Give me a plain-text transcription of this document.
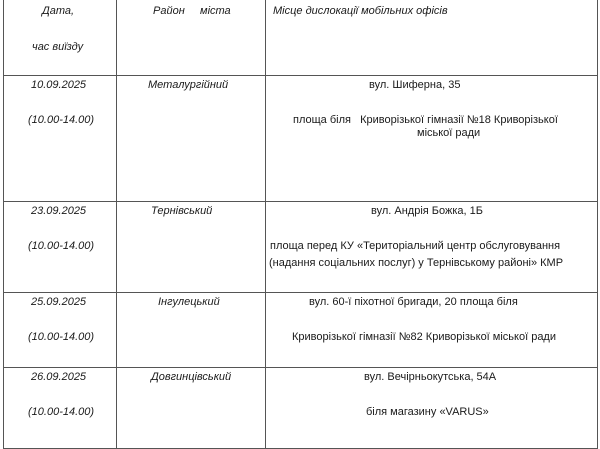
Дата,
час виїзду	Район     міста	Місце дислокації мобільних офісів

10.09.2025
(10.00-14.00)	Металургійний	вул. Шиферна, 35
площа біля   Криворізької гімназії №18 Криворізької
міської ради

23.09.2025
(10.00-14.00)	Тернівський	вул. Андрія Божка, 1Б
площа перед КУ «Територіальний центр обслуговування
(надання соціальних послуг) у Тернівському районі» КМР

25.09.2025
(10.00-14.00)	Інгулецький	вул. 60-ї піхотної бригади, 20 площа біля
Криворізької гімназії №82 Криворізької міської ради

26.09.2025
(10.00-14.00)	Довгинцівський	вул. Вечірньокутська, 54А
біля магазину «VARUS»
